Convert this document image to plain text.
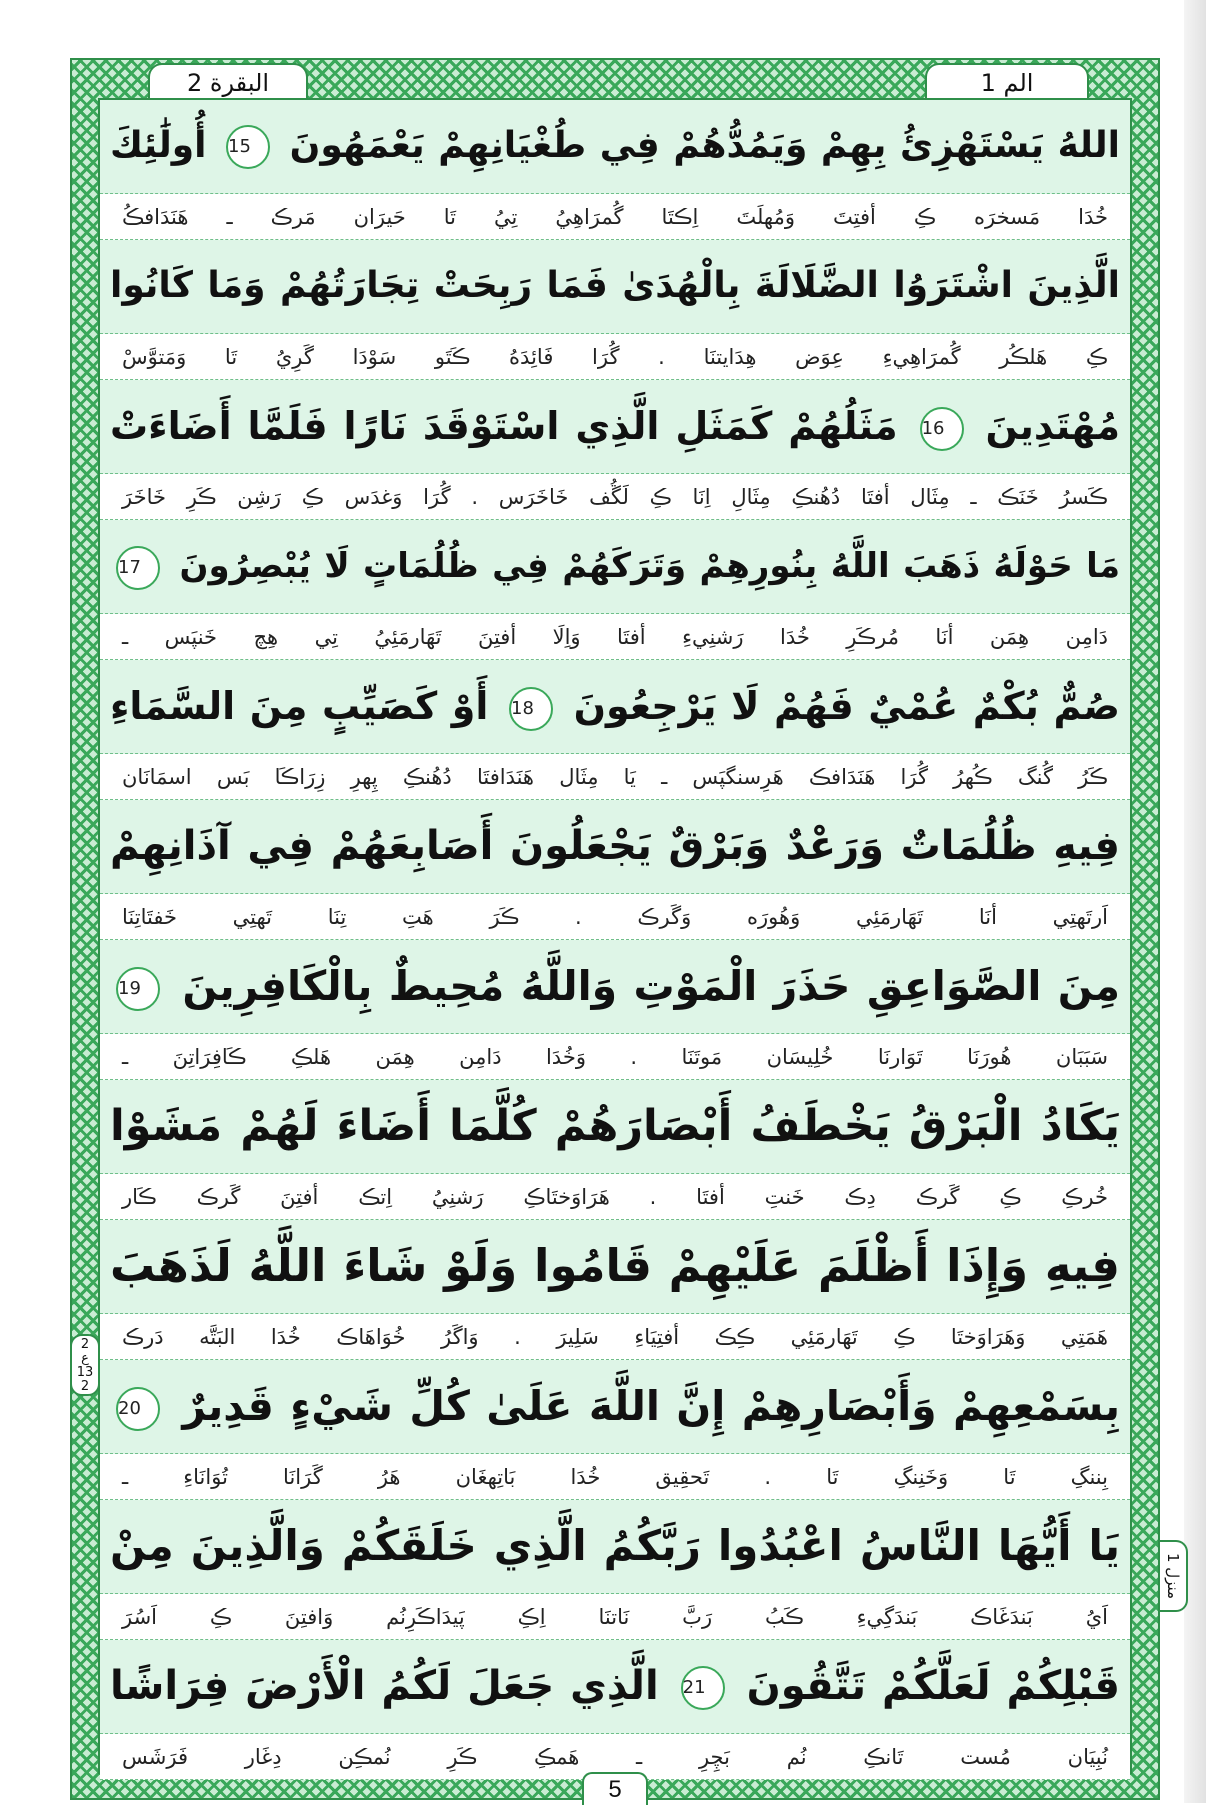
البقرة 2	الم 1
اللهُ يَسْتَهْزِئُ بِهِمْ وَيَمُدُّهُمْ فِي طُغْيَانِهِمْ يَعْمَهُونَ 15 أُولَٰئِكَ
خُدَا مَسخرَه ڪِ أفتِتَ وَمُهلَتَ اِڪتَا گُمرَاهِيُ تِيُ تَا حَيرَان مَرڪ ـ هَنَدَافڪُ
الَّذِينَ اشْتَرَوُا الضَّلَالَةَ بِالْهُدَىٰ فَمَا رَبِحَتْ تِجَارَتُهُمْ وَمَا كَانُوا
ڪِ هَلڪُر گُمرَاهِيءِ عِوَض هِدَايتنَا . گُرَا فَائِدَهُ ڪَتَو سَوْدَا گَرِيُ تَا وَمَتوَّسْ
مُهْتَدِينَ 16 مَثَلُهُمْ كَمَثَلِ الَّذِي اسْتَوْقَدَ نَارًا فَلَمَّا أَضَاءَتْ
ڪَسرُ خَنَڪ ـ مِثَال أفتَا دُهُنڪِ مِثَالِ اِنَا ڪِ لَڱُف خَاخَرَس . گُرَا وَغدَس ڪِ رَشِن ڪَرِ خَاخَرَ
مَا حَوْلَهُ ذَهَبَ اللَّهُ بِنُورِهِمْ وَتَرَكَهُمْ فِي ظُلُمَاتٍ لَا يُبْصِرُونَ 17
دَامِن هِمَن أنَا مُرڪَرِ خُدَا رَشنِيءِ أفتَا وَاِلَا أفتِنَ تَهَارمَئِيُ تِي هِچ خَنپَس ـ
صُمٌّ بُكْمٌ عُمْيٌ فَهُمْ لَا يَرْجِعُونَ 18 أَوْ كَصَيِّبٍ مِنَ السَّمَاءِ
ڪَرُ گُنگ ڪُهرُ گُرَا هَنَدَافڪ هَرِسنگپَس ـ يَا مِثَال هَنَدَافتَا دُهُنڪِ پِهرِ زِرَاڪَا بَس اسمَانَان
فِيهِ ظُلُمَاتٌ وَرَعْدٌ وَبَرْقٌ يَجْعَلُونَ أَصَابِعَهُمْ فِي آذَانِهِمْ
اَرتَهتِي أنَا تَهَارمَئِي وَهُورَه وَگَرڪ . ڪَرَ هَتِ تِنَا تَهتِي خَفتَاتِنَا
مِنَ الصَّوَاعِقِ حَذَرَ الْمَوْتِ وَاللَّهُ مُحِيطٌ بِالْكَافِرِينَ 19
سَبَبَان هُورَنَا تَوَارنَا خُلِيسَان مَوتَنَا . وَخُدَا دَامِن هِمَن هَلڪِ ڪَافِرَاتِنَ ـ
يَكَادُ الْبَرْقُ يَخْطَفُ أَبْصَارَهُمْ كُلَّمَا أَضَاءَ لَهُمْ مَشَوْا
خُرڪِ ڪِ گَرڪ دِڪ خَنتِ أفتَا . هَرَاوَختَاڪِ رَشنِيُ اِتڪ أفتِنَ گَرڪ ڪَار
فِيهِ وَإِذَا أَظْلَمَ عَلَيْهِمْ قَامُوا وَلَوْ شَاءَ اللَّهُ لَذَهَبَ
هَمَتِي وَهَرَاوَختَا ڪِ تَهَارمَئِي ڪِڪ أفتِيَاءِ سَلِيرَ . وَاگَرُ خُوَاهَاڪ خُدَا البَتَّه دَرڪ
بِسَمْعِهِمْ وَأَبْصَارِهِمْ إِنَّ اللَّهَ عَلَىٰ كُلِّ شَيْءٍ قَدِيرٌ 20
بِننگِ تَا وَخَنِنگِ تَا . تَحقِيق خُدَا بَاتِهغَان هَرُ گَرَانَا تُوَانَاءِ ـ
يَا أَيُّهَا النَّاسُ اعْبُدُوا رَبَّكُمُ الَّذِي خَلَقَكُمْ وَالَّذِينَ مِنْ
اَيُ بَندَغَاڪ بَندَگِيءِ ڪَبُ رَبَّ نَاتنَا اِڪِ پَيدَاڪَرِنُم وَافتِنَ ڪِ اَسُرَ
قَبْلِكُمْ لَعَلَّكُمْ تَتَّقُونَ 21 الَّذِي جَعَلَ لَكُمُ الْأَرْضَ فِرَاشًا
نُبِيَان مُست تَانڪِ نُم بَچِرِ ـ هَمڪِ ڪَرِ نُمڪِن دِغَار فَرَشَس
2
ع
13
2
منزل 1
5
